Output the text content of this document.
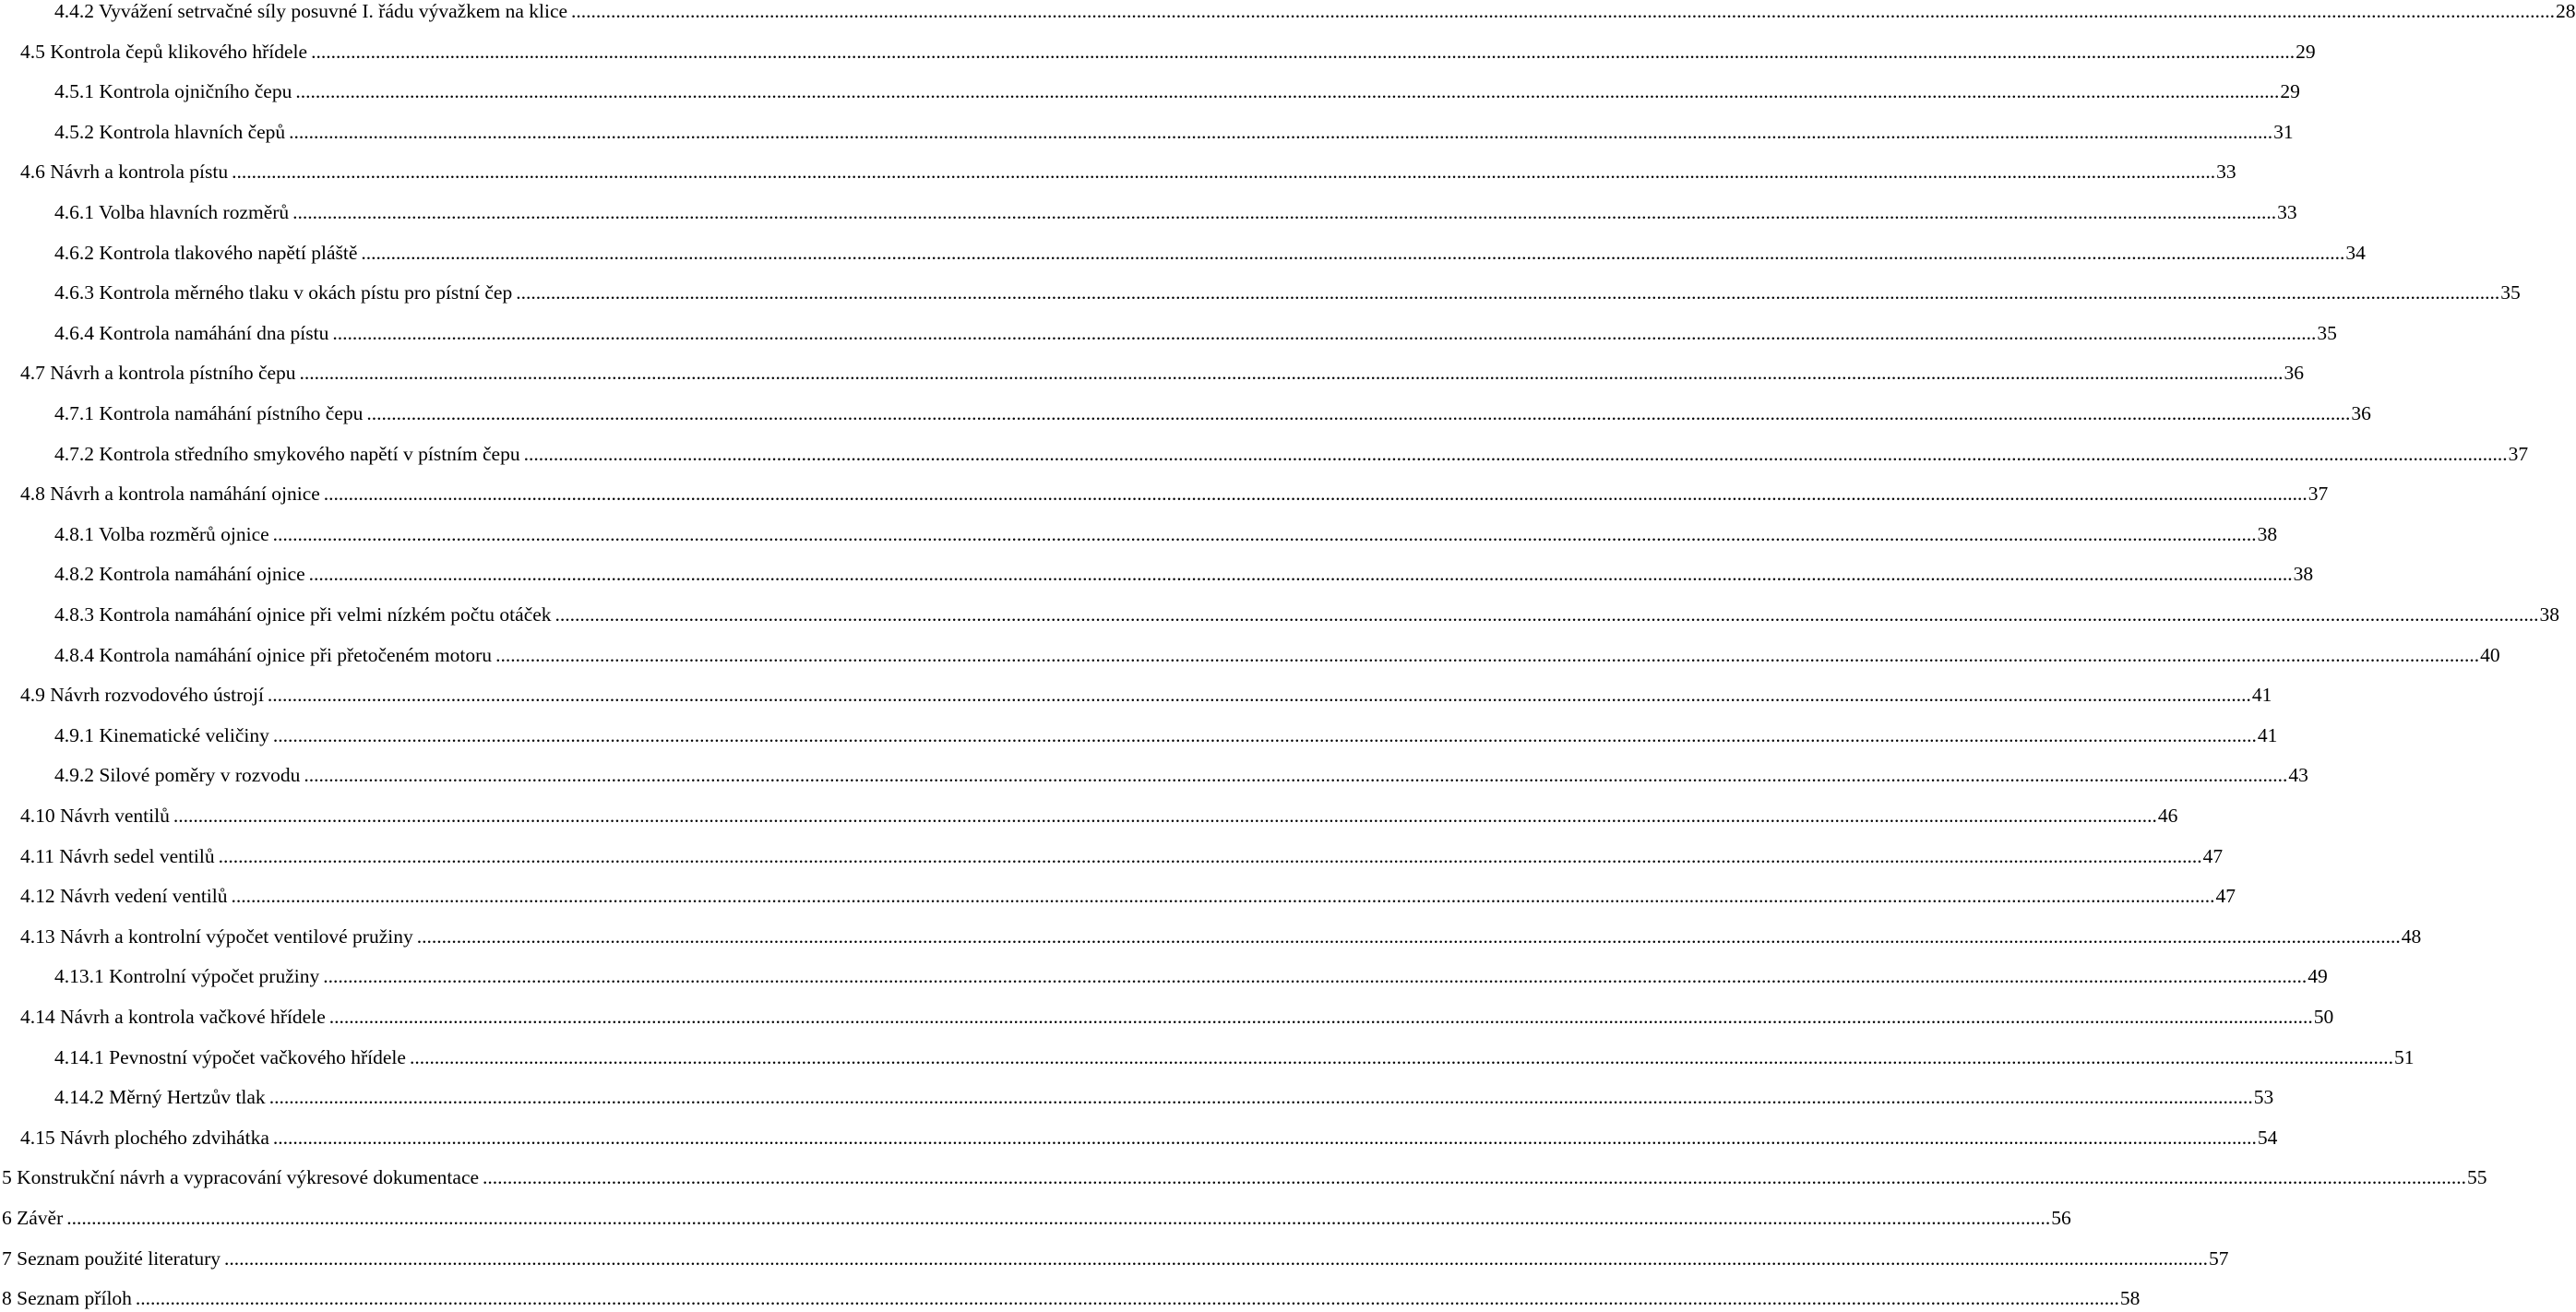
4.4.2 Vyvážení setrvačné síly posuvné I. řádu vývažkem na klice ................................................................................................................................................................................................................................................................................................................................................................................................................ 28
4.5 Kontrola čepů klikového hřídele ................................................................................................................................................................................................................................................................................................................................................................................................................ 29
4.5.1 Kontrola ojničního čepu ................................................................................................................................................................................................................................................................................................................................................................................................................ 29
4.5.2 Kontrola hlavních čepů ................................................................................................................................................................................................................................................................................................................................................................................................................ 31
4.6 Návrh a kontrola pístu ................................................................................................................................................................................................................................................................................................................................................................................................................ 33
4.6.1 Volba hlavních rozměrů ................................................................................................................................................................................................................................................................................................................................................................................................................ 33
4.6.2 Kontrola tlakového napětí pláště ................................................................................................................................................................................................................................................................................................................................................................................................................ 34
4.6.3 Kontrola měrného tlaku v okách pístu pro pístní čep ................................................................................................................................................................................................................................................................................................................................................................................................................ 35
4.6.4 Kontrola namáhání dna pístu ................................................................................................................................................................................................................................................................................................................................................................................................................ 35
4.7 Návrh a kontrola pístního čepu ................................................................................................................................................................................................................................................................................................................................................................................................................ 36
4.7.1 Kontrola namáhání pístního čepu ................................................................................................................................................................................................................................................................................................................................................................................................................ 36
4.7.2 Kontrola středního smykového napětí v pístním čepu ................................................................................................................................................................................................................................................................................................................................................................................................................ 37
4.8 Návrh a kontrola namáhání ojnice ................................................................................................................................................................................................................................................................................................................................................................................................................ 37
4.8.1 Volba rozměrů ojnice ................................................................................................................................................................................................................................................................................................................................................................................................................ 38
4.8.2 Kontrola namáhání ojnice ................................................................................................................................................................................................................................................................................................................................................................................................................ 38
4.8.3 Kontrola namáhání ojnice při velmi nízkém počtu otáček ................................................................................................................................................................................................................................................................................................................................................................................................................ 38
4.8.4 Kontrola namáhání ojnice při přetočeném motoru ................................................................................................................................................................................................................................................................................................................................................................................................................ 40
4.9 Návrh rozvodového ústrojí ................................................................................................................................................................................................................................................................................................................................................................................................................ 41
4.9.1 Kinematické veličiny ................................................................................................................................................................................................................................................................................................................................................................................................................ 41
4.9.2 Silové poměry v rozvodu ................................................................................................................................................................................................................................................................................................................................................................................................................ 43
4.10 Návrh ventilů ................................................................................................................................................................................................................................................................................................................................................................................................................ 46
4.11 Návrh sedel ventilů ................................................................................................................................................................................................................................................................................................................................................................................................................ 47
4.12 Návrh vedení ventilů ................................................................................................................................................................................................................................................................................................................................................................................................................ 47
4.13 Návrh a kontrolní výpočet ventilové pružiny ................................................................................................................................................................................................................................................................................................................................................................................................................ 48
4.13.1 Kontrolní výpočet pružiny ................................................................................................................................................................................................................................................................................................................................................................................................................ 49
4.14 Návrh a kontrola vačkové hřídele ................................................................................................................................................................................................................................................................................................................................................................................................................ 50
4.14.1 Pevnostní výpočet vačkového hřídele ................................................................................................................................................................................................................................................................................................................................................................................................................ 51
4.14.2 Měrný Hertzův tlak ................................................................................................................................................................................................................................................................................................................................................................................................................ 53
4.15 Návrh plochého zdvihátka ................................................................................................................................................................................................................................................................................................................................................................................................................ 54
5 Konstrukční návrh a vypracování výkresové dokumentace ................................................................................................................................................................................................................................................................................................................................................................................................................ 55
6 Závěr ................................................................................................................................................................................................................................................................................................................................................................................................................ 56
7 Seznam použité literatury ................................................................................................................................................................................................................................................................................................................................................................................................................ 57
8 Seznam příloh ................................................................................................................................................................................................................................................................................................................................................................................................................ 58
